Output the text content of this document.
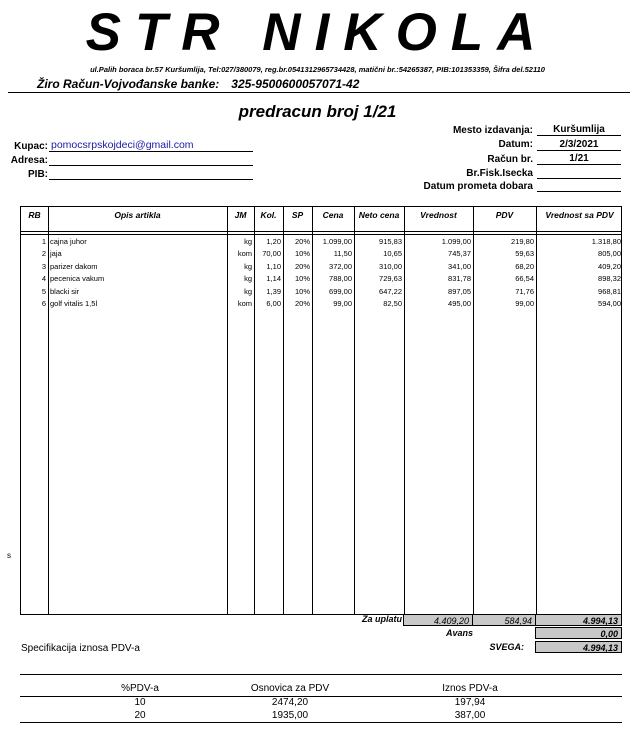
STR NIKOLA
ul.Palih boraca br.57 Kuršumlija, Tel:027/380079, reg.br.0541312965734428, matični br.:54265387, PIB:101353359, Šifra del.52110
Žiro Račun-Vojvođanske banke: 325-9500600057071-42
predracun broj 1/21
Kupac: pomocsrpskojdeci@gmail.com
Adresa:
PIB:
Mesto izdavanja:	Kuršumlija
Datum:	2/3/2021
Račun br.	1/21
Br.Fisk.Isecka
Datum prometa dobara
RB	Opis artikla	JM	Kol.	SP	Cena	Neto cena	Vrednost	PDV	Vrednost sa PDV
1 cajna juhor	kg	1,20	20%	1.099,00	915,83	1.099,00	219,80	1.318,80
2 jaja	kom	70,00	10%	11,50	10,65	745,37	59,63	805,00
3 parizer dakom	kg	1,10	20%	372,00	310,00	341,00	68,20	409,20
4 pecenica vakum	kg	1,14	10%	788,00	729,63	831,78	66,54	898,32
5 blacki sir	kg	1,39	10%	699,00	647,22	897,05	71,76	968,81
6 golf vitalis 1,5l	kom	6,00	20%	99,00	82,50	495,00	99,00	594,00
Za uplatu	4.409,20	584,94	4.994,13
Avans	0,00
SVEGA:	4.994,13
s
Specifikacija iznosa PDV-a
%PDV-a	Osnovica za PDV	Iznos PDV-a
10	2474,20	197,94
20	1935,00	387,00
